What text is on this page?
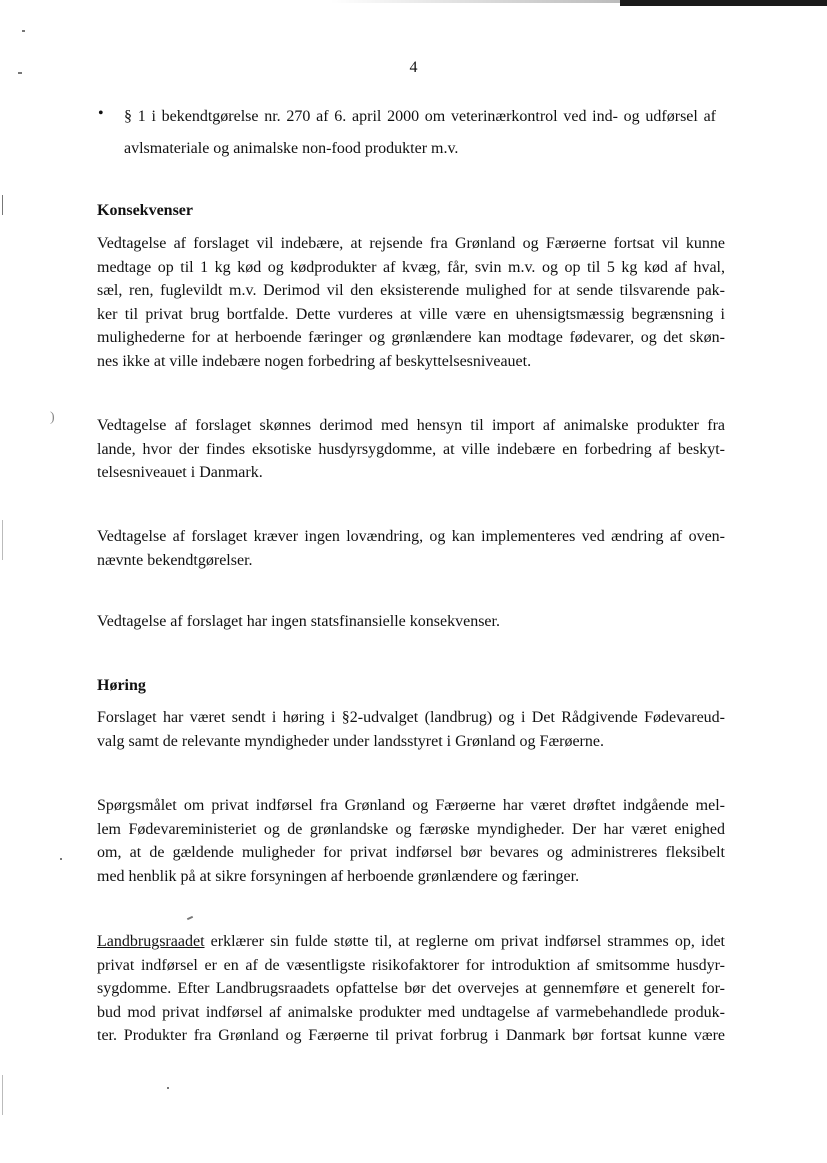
)
4
• § 1 i bekendtgørelse nr. 270 af 6. april 2000 om veterinærkontrol ved ind- og udførsel af
avlsmateriale og animalske non-food produkter m.v.
Konsekvenser
Vedtagelse af forslaget vil indebære, at rejsende fra Grønland og Færøerne fortsat vil kunne
medtage op til 1 kg kød og kødprodukter af kvæg, får, svin m.v. og op til 5 kg kød af hval,
sæl, ren, fuglevildt m.v. Derimod vil den eksisterende mulighed for at sende tilsvarende pak-
ker til privat brug bortfalde. Dette vurderes at ville være en uhensigtsmæssig begrænsning i
mulighederne for at herboende færinger og grønlændere kan modtage fødevarer, og det skøn-
nes ikke at ville indebære nogen forbedring af beskyttelsesniveauet.
Vedtagelse af forslaget skønnes derimod med hensyn til import af animalske produkter fra
lande, hvor der findes eksotiske husdyrsygdomme, at ville indebære en forbedring af beskyt-
telsesniveauet i Danmark.
Vedtagelse af forslaget kræver ingen lovændring, og kan implementeres ved ændring af oven-
nævnte bekendtgørelser.
Vedtagelse af forslaget har ingen statsfinansielle konsekvenser.
Høring
Forslaget har været sendt i høring i §2-udvalget (landbrug) og i Det Rådgivende Fødevareud-
valg samt de relevante myndigheder under landsstyret i Grønland og Færøerne.
Spørgsmålet om privat indførsel fra Grønland og Færøerne har været drøftet indgående mel-
lem Fødevareministeriet og de grønlandske og færøske myndigheder. Der har været enighed
om, at de gældende muligheder for privat indførsel bør bevares og administreres fleksibelt
med henblik på at sikre forsyningen af herboende grønlændere og færinger.
Landbrugsraadet erklærer sin fulde støtte til, at reglerne om privat indførsel strammes op, idet
privat indførsel er en af de væsentligste risikofaktorer for introduktion af smitsomme husdyr-
sygdomme. Efter Landbrugsraadets opfattelse bør det overvejes at gennemføre et generelt for-
bud mod privat indførsel af animalske produkter med undtagelse af varmebehandlede produk-
ter. Produkter fra Grønland og Færøerne til privat forbrug i Danmark bør fortsat kunne være
